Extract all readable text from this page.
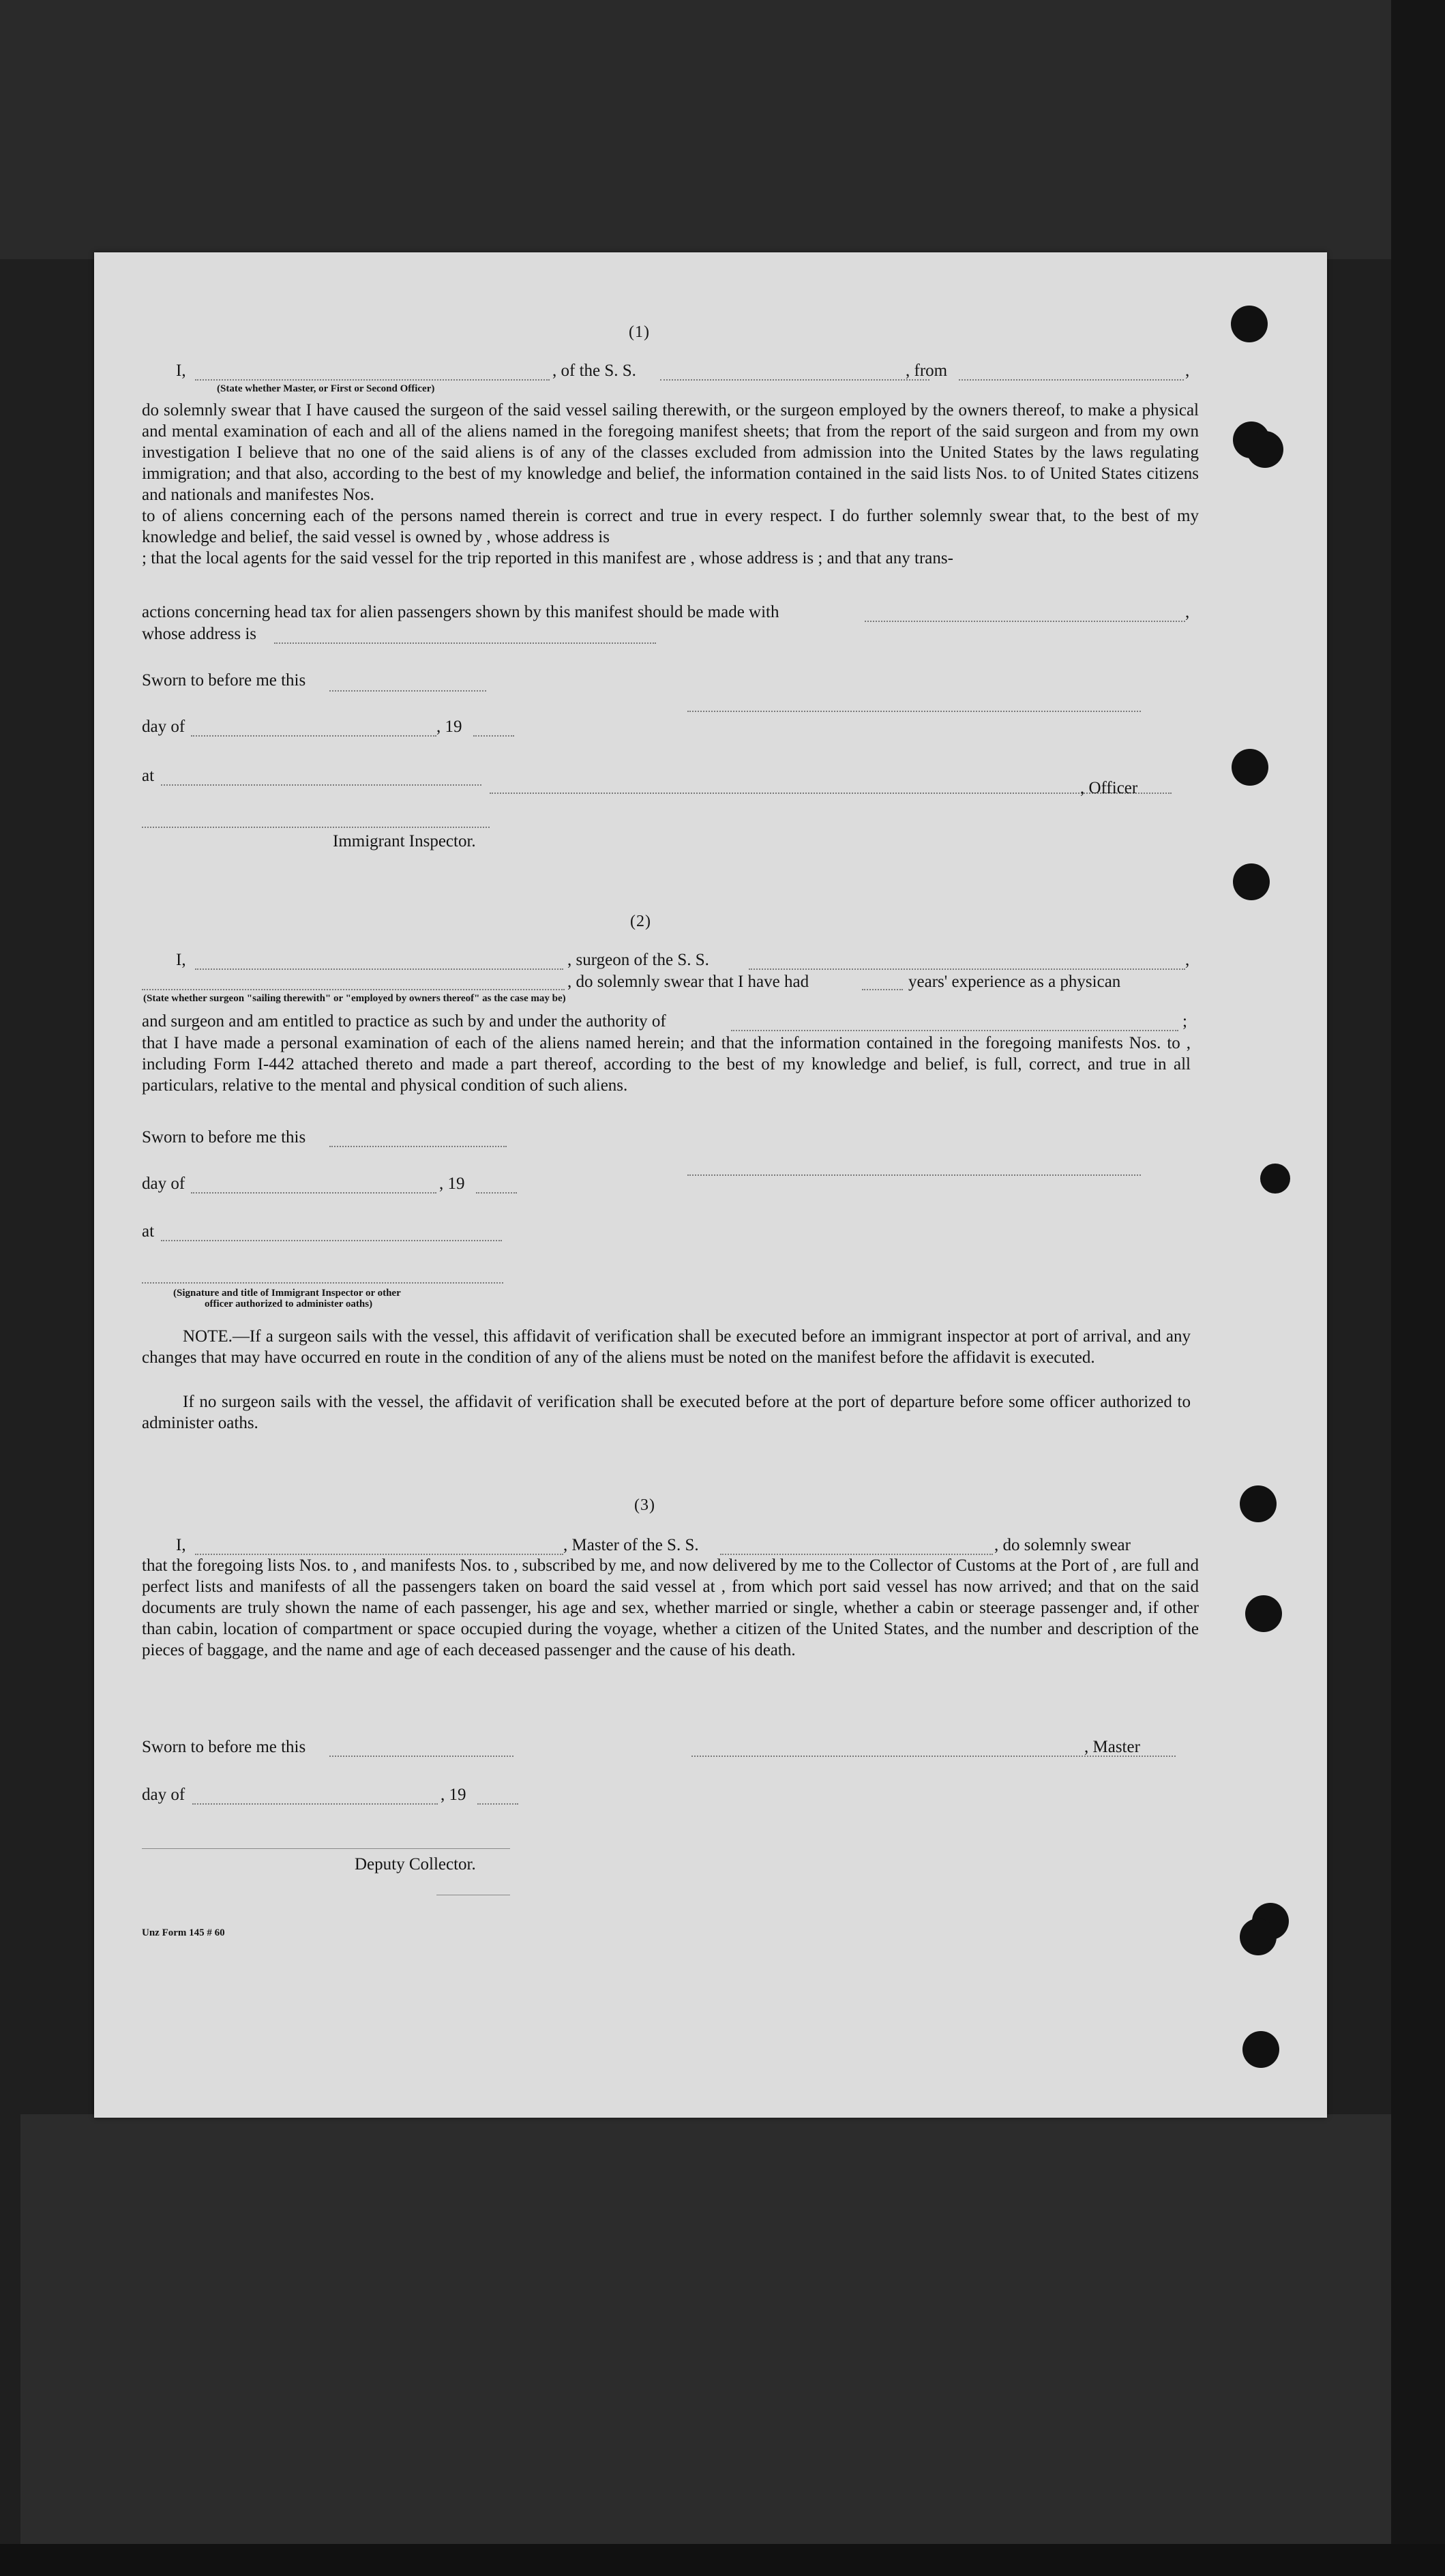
(1)
I,	, of the S. S.	, from	,
(State whether Master, or First or Second Officer)

do solemnly swear that I have caused the surgeon of the said vessel sailing therewith, or the surgeon employed by the owners thereof, to make a physical and mental examination of each and all of the aliens named in the foregoing manifest sheets; that from the report of the said surgeon and from my own investigation I believe that no one of the said aliens is of any of the classes excluded from admission into the United States by the laws regulating immigration; and that also, according to the best of my knowledge and belief, the information contained in the said lists Nos. to of United States citizens and nationals and manifestes Nos.

to of aliens concerning each of the persons named therein is correct and true in every respect. I do further solemnly swear that, to the best of my knowledge and belief, the said vessel is owned by , whose address is

; that the local agents for the said vessel for the trip reported in this manifest are , whose address is ; and that any trans-

actions concerning head tax for alien passengers shown by this manifest should be made with	,
whose address is
Sworn to before me this
day of	, 19
at
, Officer
Immigrant Inspector.
(2)
I,	, surgeon of the S. S.	,
, do solemnly swear that I have had	years' experience as a physican
(State whether surgeon "sailing therewith" or "employed by owners thereof" as the case may be)
and surgeon and am entitled to practice as such by and under the authority of	;

that I have made a personal examination of each of the aliens named herein; and that the information contained in the foregoing manifests Nos. to , including Form I-442 attached thereto and made a part thereof, according to the best of my knowledge and belief, is full, correct, and true in all particulars, relative to the mental and physical condition of such aliens.

Sworn to before me this
day of	, 19
at
(Signature and title of Immigrant Inspector or other
officer authorized to administer oaths)

NOTE.—If a surgeon sails with the vessel, this affidavit of verification shall be executed before an immigrant inspector at port of arrival, and any changes that may have occurred en route in the condition of any of the aliens must be noted on the manifest before the affidavit is executed.

If no surgeon sails with the vessel, the affidavit of verification shall be executed before at the port of departure before some officer authorized to administer oaths.

(3)
I,	, Master of the S. S.	, do solemnly swear

that the foregoing lists Nos. to , and manifests Nos. to , subscribed by me, and now delivered by me to the Collector of Customs at the Port of , are full and perfect lists and manifests of all the passengers taken on board the said vessel at , from which port said vessel has now arrived; and that on the said documents are truly shown the name of each passenger, his age and sex, whether married or single, whether a cabin or steerage passenger and, if other than cabin, location of compartment or space occupied during the voyage, whether a citizen of the United States, and the number and description of the pieces of baggage, and the name and age of each deceased passenger and the cause of his death.

Sworn to before me this	, Master
day of	, 19
Deputy Collector.
Unz Form 145 # 60
